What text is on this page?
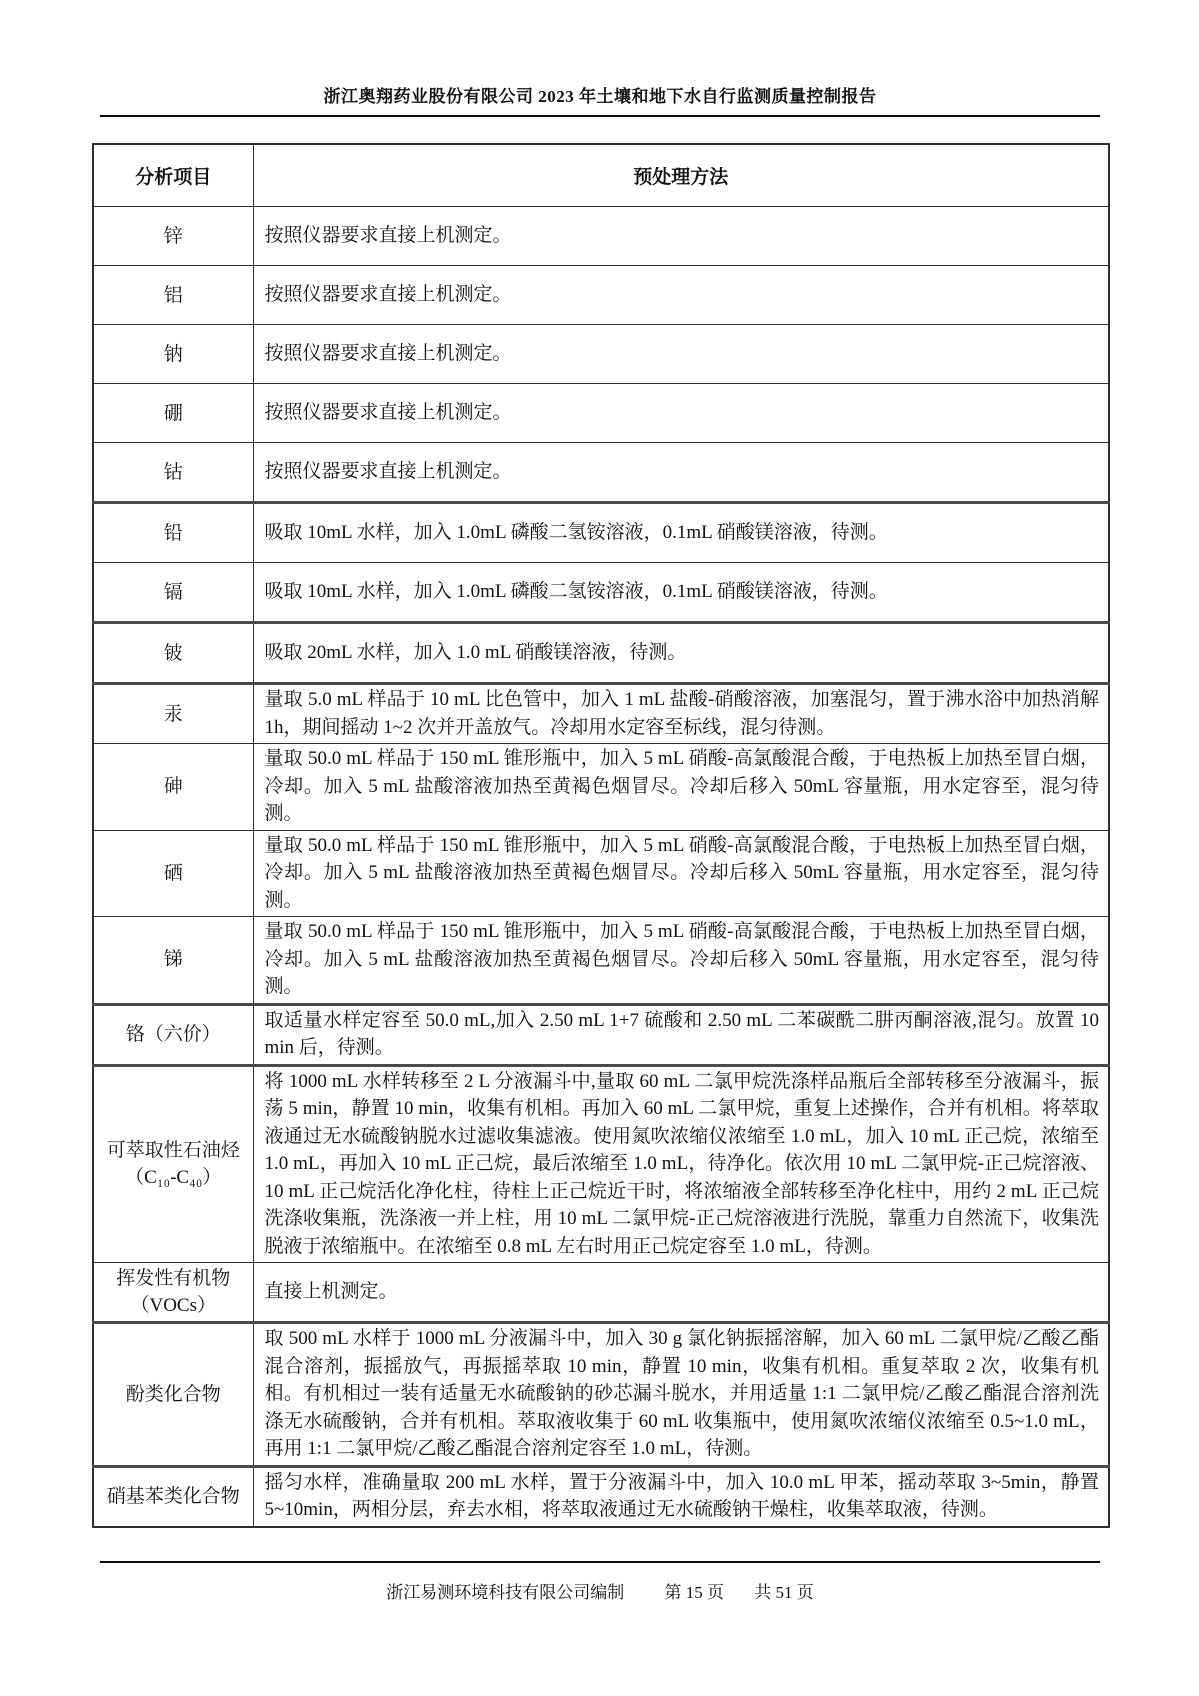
浙江奥翔药业股份有限公司 2023 年土壤和地下水自行监测质量控制报告
分析项目	预处理方法
锌	按照仪器要求直接上机测定。
铝	按照仪器要求直接上机测定。
钠	按照仪器要求直接上机测定。
硼	按照仪器要求直接上机测定。
钴	按照仪器要求直接上机测定。
铅	吸取 10mL 水样，加入 1.0mL 磷酸二氢铵溶液，0.1mL 硝酸镁溶液，待测。
镉	吸取 10mL 水样，加入 1.0mL 磷酸二氢铵溶液，0.1mL 硝酸镁溶液，待测。
铍	吸取 20mL 水样，加入 1.0 mL 硝酸镁溶液，待测。
汞	量取 5.0 mL 样品于 10 mL 比色管中，加入 1 mL 盐酸-硝酸溶液，加塞混匀，置于沸水浴中加热消解 1h，期间摇动 1~2 次并开盖放气。冷却用水定容至标线，混匀待测。
砷	量取 50.0 mL 样品于 150 mL 锥形瓶中，加入 5 mL 硝酸-高氯酸混合酸，于电热板上加热至冒白烟，冷却。加入 5 mL 盐酸溶液加热至黄褐色烟冒尽。冷却后移入 50mL 容量瓶，用水定容至，混匀待测。
硒	量取 50.0 mL 样品于 150 mL 锥形瓶中，加入 5 mL 硝酸-高氯酸混合酸，于电热板上加热至冒白烟，冷却。加入 5 mL 盐酸溶液加热至黄褐色烟冒尽。冷却后移入 50mL 容量瓶，用水定容至，混匀待测。
锑	量取 50.0 mL 样品于 150 mL 锥形瓶中，加入 5 mL 硝酸-高氯酸混合酸，于电热板上加热至冒白烟，冷却。加入 5 mL 盐酸溶液加热至黄褐色烟冒尽。冷却后移入 50mL 容量瓶，用水定容至，混匀待测。
铬（六价）	取适量水样定容至 50.0 mL,加入 2.50 mL 1+7 硫酸和 2.50 mL 二苯碳酰二肼丙酮溶液,混匀。放置 10 min 后，待测。
可萃取性石油烃（C₁₀-C₄₀）	将 1000 mL 水样转移至 2 L 分液漏斗中,量取 60 mL 二氯甲烷洗涤样品瓶后全部转移至分液漏斗，振荡 5 min，静置 10 min，收集有机相。再加入 60 mL 二氯甲烷，重复上述操作，合并有机相。将萃取液通过无水硫酸钠脱水过滤收集滤液。使用氮吹浓缩仪浓缩至 1.0 mL，加入 10 mL 正己烷，浓缩至 1.0 mL，再加入 10 mL 正己烷，最后浓缩至 1.0 mL，待净化。依次用 10 mL 二氯甲烷-正己烷溶液、10 mL 正己烷活化净化柱，待柱上正己烷近干时，将浓缩液全部转移至净化柱中，用约 2 mL 正己烷洗涤收集瓶，洗涤液一并上柱，用 10 mL 二氯甲烷-正己烷溶液进行洗脱，靠重力自然流下，收集洗脱液于浓缩瓶中。在浓缩至 0.8 mL 左右时用正己烷定容至 1.0 mL，待测。
挥发性有机物（VOCs）	直接上机测定。
酚类化合物	取 500 mL 水样于 1000 mL 分液漏斗中，加入 30 g 氯化钠振摇溶解，加入 60 mL 二氯甲烷/乙酸乙酯混合溶剂，振摇放气，再振摇萃取 10 min，静置 10 min，收集有机相。重复萃取 2 次，收集有机相。有机相过一装有适量无水硫酸钠的砂芯漏斗脱水，并用适量 1:1 二氯甲烷/乙酸乙酯混合溶剂洗涤无水硫酸钠，合并有机相。萃取液收集于 60 mL 收集瓶中，使用氮吹浓缩仪浓缩至 0.5~1.0 mL，再用 1:1 二氯甲烷/乙酸乙酯混合溶剂定容至 1.0 mL，待测。
硝基苯类化合物	摇匀水样，准确量取 200 mL 水样，置于分液漏斗中，加入 10.0 mL 甲苯，摇动萃取 3~5min，静置 5~10min，两相分层，弃去水相，将萃取液通过无水硫酸钠干燥柱，收集萃取液，待测。
浙江易测环境科技有限公司编制 第 15 页 共 51 页
